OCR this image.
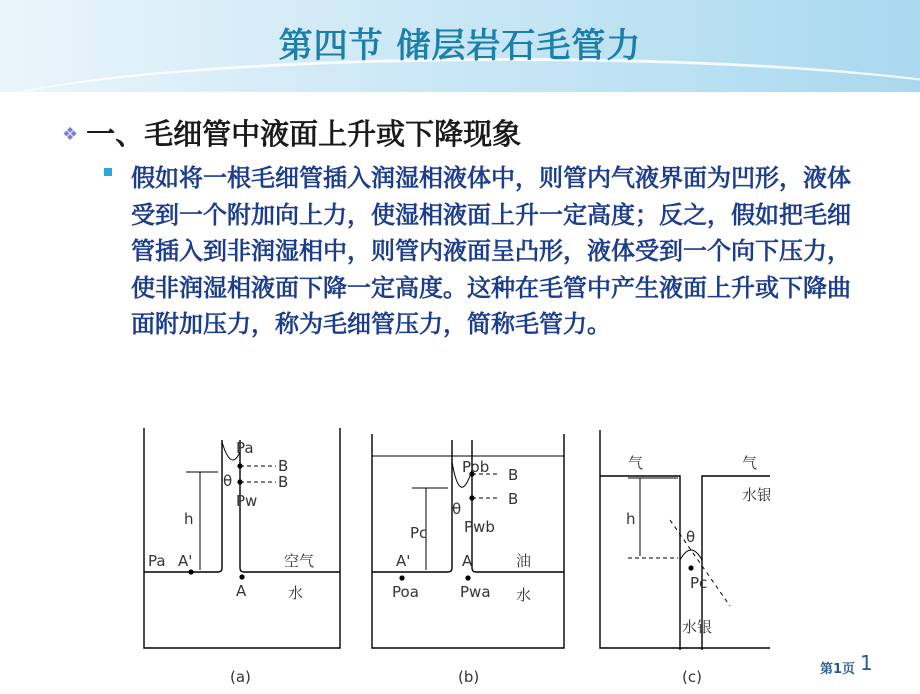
第四节 储层岩石毛管力
❖ 一、毛细管中液面上升或下降现象
假如将一根毛细管插入润湿相液体中，则管内气液界面为凹形，液体受到一个附加向上力，使湿相液面上升一定高度；反之，假如把毛细管插入到非润湿相中，则管内液面呈凸形，液体受到一个向下压力，使非润湿相液面下降一定高度。这种在毛管中产生液面上升或下降曲面附加压力，称为毛细管压力，简称毛管力。
Pa
B
B
θ
Pw
h
Pa A'
A
空气
水
(a)
Pob B
B
θ
Pwb
Pc
A'	A
Poa	Pwa
油
水
(b)
气	气
水银
h
θ
Pc
水银
(c)	第1页 1
